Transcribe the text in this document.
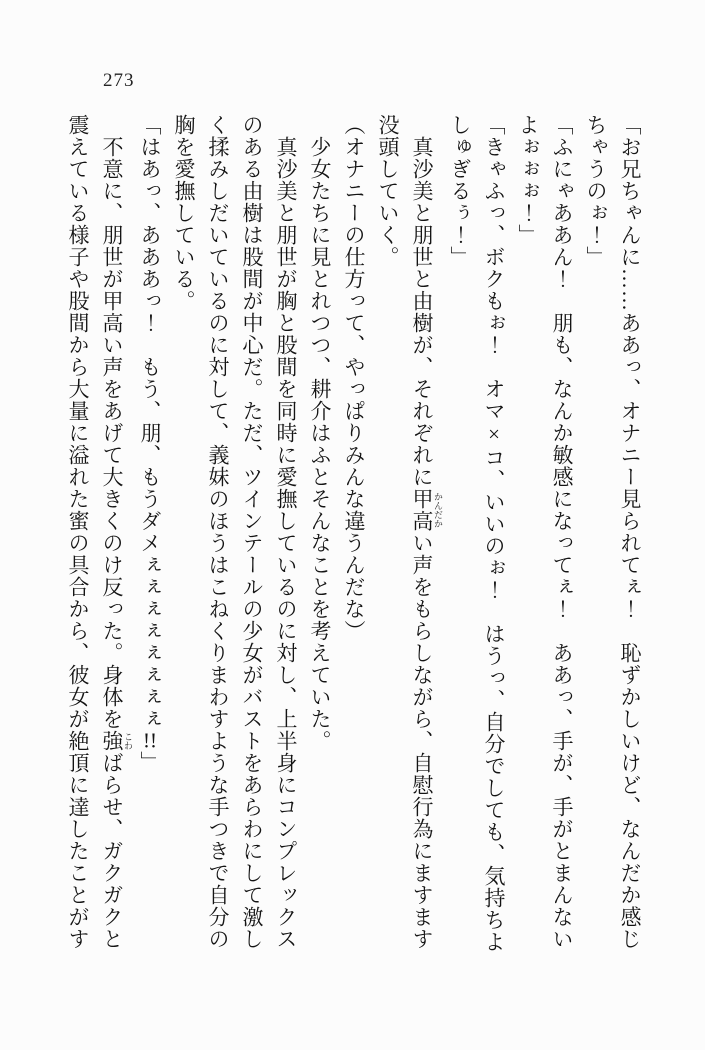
273

「お兄ちゃんに……ああっ、オナニー見られてぇ！　恥ずかしいけど、なんだか感じちゃうのぉ！」

「ふにゃああん！　朋も、なんか敏感になってぇ！　ああっ、手が、手がとまんないよぉぉぉ！」

「きゃふっ、ボクもぉ！　オマ×コ、いいのぉ！　はうっ、自分でしても、気持ちよしゅぎるぅ！」

真沙美と朋世と由樹が、それぞれに甲高 かんだかい声をもらしながら、自慰行為にますます没頭していく。

（オナニーの仕方って、やっぱりみんな違うんだな）

少女たちに見とれつつ、耕介はふとそんなことを考えていた。

真沙美と朋世が胸と股間を同時に愛撫しているのに対し、上半身にコンプレックスのある由樹は股間が中心だ。ただ、ツインテールの少女がバストをあらわにして激しく揉みしだいているのに対して、義妹のほうはこねくりまわすような手つきで自分の胸を愛撫している。

「はあっ、あああっ！　もう、朋、もうダメぇぇぇぇぇぇぇぇ!!」

不意に、朋世が甲高い声をあげて大きくのけ反った。身体を強 こわばらせ、ガクガクと震えている様子や股間から大量に溢れた蜜の具合から、彼女が絶頂に達したことがす
